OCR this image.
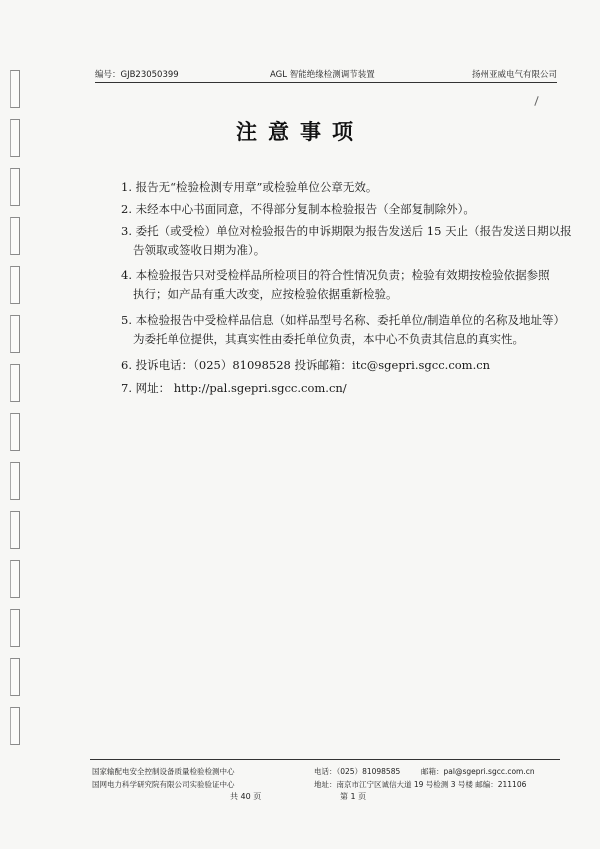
编号：GJB23050399	AGL 智能绝缘检测调节装置	扬州亚威电气有限公司
注意事项
1. 报告无“检验检测专用章”或检验单位公章无效。
2. 未经本中心书面同意，不得部分复制本检验报告（全部复制除外）。
3. 委托（或受检）单位对检验报告的申诉期限为报告发送后 15 天止（报告发送日期以报
告领取或签收日期为准）。
4. 本检验报告只对受检样品所检项目的符合性情况负责；检验有效期按检验依据参照
执行；如产品有重大改变，应按检验依据重新检验。
5. 本检验报告中受检样品信息（如样品型号名称、委托单位/制造单位的名称及地址等）
为委托单位提供，其真实性由委托单位负责，本中心不负责其信息的真实性。
6. 投诉电话：（025）81098528 投诉邮箱：itc@sgepri.sgcc.com.cn
7. 网址： http://pal.sgepri.sgcc.com.cn/
国家输配电安全控制设备质量检验检测中心
国网电力科学研究院有限公司实验验证中心
电话：（025）81098585	邮箱：pal@sgepri.sgcc.com.cn
地址：南京市江宁区诚信大道 19 号检测 3 号楼 邮编：211106
共 40 页	第 1 页
